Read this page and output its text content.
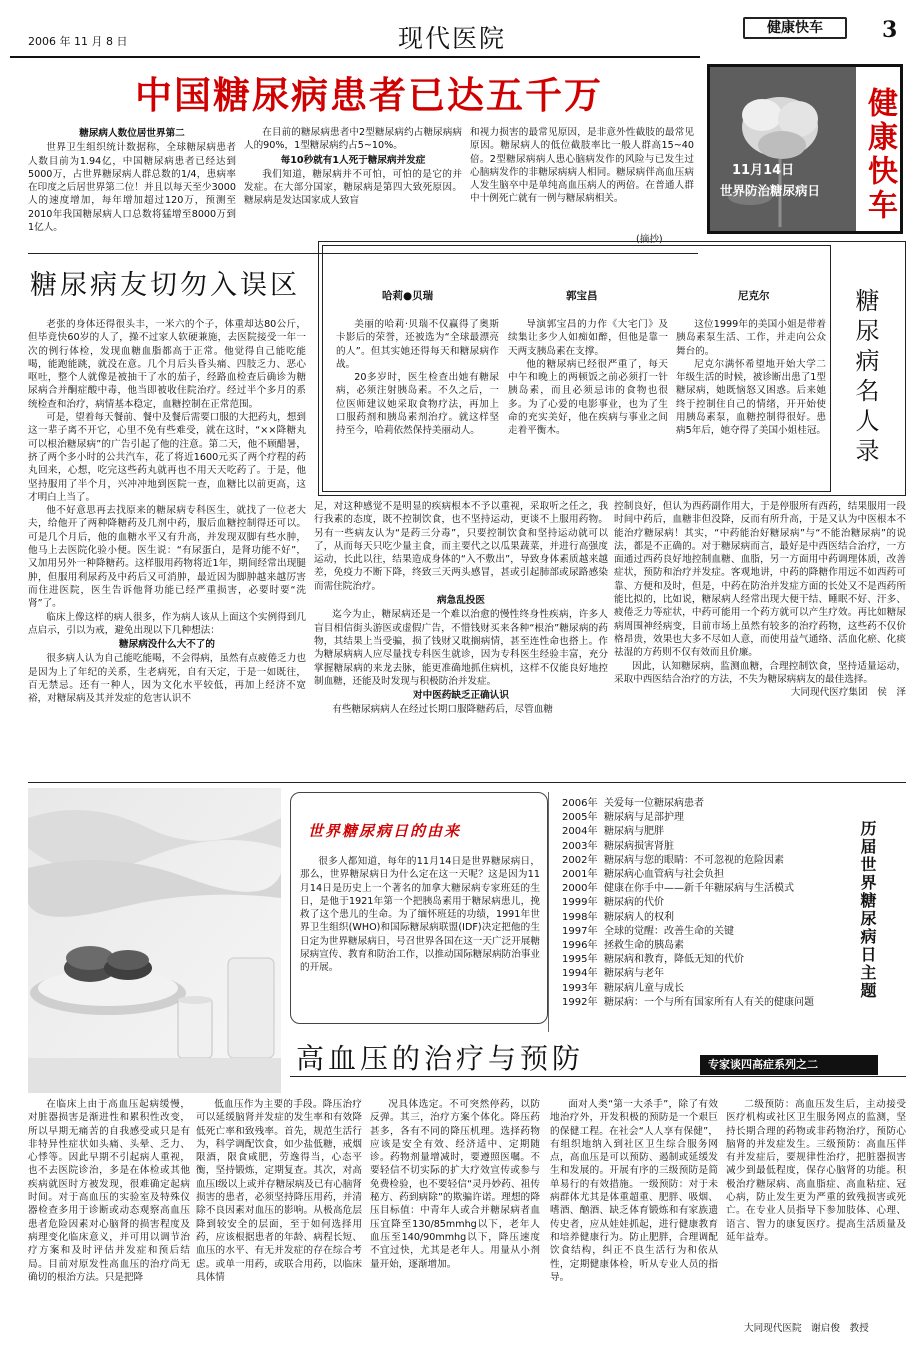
2006 年 11 月 8 日	现代医院	健康快车	3
11月14日
世界防治糖尿病日 健康快车
中国糖尿病患者已达五千万

糖尿病人数位居世界第二

世界卫生组织统计数据称，全球糖尿病患者人数目前为1.94亿，中国糖尿病患者已经达到5000万，占世界糖尿病人群总数的1/4，患病率在印度之后居世界第二位！并且以每天至少3000人的速度增加，每年增加超过120万，预测至2010年我国糖尿病人口总数将猛增至8000万到1亿人。

在目前的糖尿病患者中2型糖尿病约占糖尿病病人的90%，1型糖尿病约占5~10%。

每10秒就有1人死于糖尿病并发症

我们知道，糖尿病并不可怕，可怕的是它的并发症。在大部分国家，糖尿病是第四大致死原因。糖尿病是发达国家成人致盲

和视力损害的最常见原因，是非意外性截肢的最常见原因。糖尿病人的低位截肢率比一般人群高15~40倍。2型糖尿病病人患心脑病发作的风险与已发生过心脑病发作的非糖尿病病人相同。糖尿病伴高血压病人发生脑卒中是单纯高血压病人的两倍。在普通人群中十例死亡就有一例与糖尿病相关。

(摘抄)
糖尿病友切勿入误区

老张的身体还得很头丰，一米六的个子，体重却达80公斤，但毕竟快60岁的人了，操不过家人软硬兼施，去医院接受一年一次的例行体检，发现血糖血脂都高于正常。他觉得自己能吃能喝，能跑能跳，就没在意。几个月后头昏头痛、四肢乏力、恶心呕吐，整个人就像是被抽干了水的茄子，经路血检查后确诊为糖尿病合并酮症酸中毒，他当即被收住院治疗。经过半个多月的系统检查和治疗，病情基本稳定，血糖控制在正常范围。

可是，望着每天餐前、餐中及餐后需要口服的大把药丸，想到这一辈子离不开它，心里不免有些难受，就在这时，“××降糖丸可以根治糖尿病”的广告引起了他的注意。第二天，他不顾醋暑，挤了两个多小时的公共汽车，花了将近1600元买了两个疗程的药丸回来，心想，吃完这些药丸就再也不用天天吃药了。于是，他坚持服用了半个月，兴冲冲地到医院一查，血糖比以前更高，这才明白上当了。

他不好意思再去找原来的糖尿病专科医生，就找了一位老大夫，给他开了两种降糖药及几剂中药，服后血糖控制得还可以。可是几个月后，他的血糖水平又有升高，并发现双脚有些水肿，他马上去医院化验小便。医生说：“有尿蛋白，是肾功能不好”，又加用另外一种降糖药。这样服用药物将近1年，期间经常出现腿肿，但服用利尿药及中药后又可消肿，最近因为脚肿越来越厉害而住进医院，医生告诉他肾功能已经严重损害，必要时要“洗肾”了。

临床上像这样的病人很多，作为病人该从上面这个实例得到几点启示，引以为戒，避免出现以下几种想法：

糖尿病没什么大不了的

很多病人认为自己能吃能喝，不会得病，虽然有点疲倦乏力也是因为上了年纪的关系，生老病死，自有天定，于是一如既往，百无禁忌。还有一种人，因为文化水平较低，再加上经济不宽裕，对糖尿病及其并发症的危害认识不

哈莉●贝瑞	郭宝昌	尼克尔

美丽的哈莉·贝瑞不仅赢得了奥斯卡影后的荣誉，还被选为“全球最漂亮的人”。但其实她还得每天和糖尿病作战。

20多岁时，医生检查出她有糖尿病，必须注射胰岛素。不久之后，一位医师建议她采取食物疗法，再加上口服药剂和胰岛素剂治疗。就这样坚持至今，哈莉依然保持美丽动人。

导演郭宝昌的力作《大宅门》及续集让多少人如痴如醉，但他是靠一天两支胰岛素在支撑。

他的糖尿病已经很严重了，每天中午和晚上的两顿饭之前必须打一针胰岛素，而且必须忌讳的食物也很多。为了心爱的电影事业，也为了生命的充实美好，他在疾病与事业之间走着平衡木。

这位1999年的美国小姐是带着胰岛素泵生活、工作，并走向公众舞台的。

尼克尔满怀希望地开始大学二年级生活的时候，被诊断出患了1型糖尿病，她既恼怒又困惑。后来她终于控制住自己的情绪，开开始使用胰岛素泵，血糖控制得很好。患病5年后，她夺得了美国小姐桂冠。 糖尿病名人录

足，对这种感觉不是明显的疾病根本不予以重视，采取听之任之，我行我素的态度，既不控制饮食，也不坚持运动，更谈不上服用药物。另有一些病友认为“是药三分毒”，只要控制饮食和坚持运动就可以了，从而每天只吃少量主食，而主要代之以瓜果蔬菜，并进行高强度运动，长此以往，结果造成身体的“入不敷出”，导致身体素质越来越差，免疫力不断下降，终致三天两头感冒，甚或引起肺部或尿路感染而需住院治疗。

病急乱投医

迄今为止，糖尿病还是一个难以治愈的慢性终身性疾病，许多人盲目相信街头游医或虚假广告，不惜钱财买来各种“根治”糖尿病的药物，其结果上当受骗，损了钱财又耽搁病情，甚至连性命也搭上。作为糖尿病病人应尽量找专科医生就诊，因为专科医生经验丰富，充分掌握糖尿病的来龙去脉，能更准确地抓住病机，这样不仅能良好地控制血糖，还能及时发现与积极防治并发症。

对中医药缺乏正确认识

有些糖尿病病人在经过长期口服降糖药后，尽管血糖

控制良好，但认为西药副作用大，于是停服所有西药，结果服用一段时间中药后，血糖非但没降，反而有所升高，于是又认为中医根本不能治疗糖尿病！其实，“中药能治好糖尿病”与“不能治糖尿病”的说法，都是不正确的。对于糖尿病而言，最好是中西医结合治疗，一方面通过西药良好地控制血糖、血脂，另一方面用中药调理体质，改善症状，预防和治疗并发症。客观地讲，中药的降糖作用远不如西药可靠、方便和及时，但是，中药在防治并发症方面的长处又不是西药所能比拟的，比如说，糖尿病人经常出现大便干结、睡眠不好、汗多、疲倦乏力等症状，中药可能用一个药方就可以产生疗效。再比如糖尿病周围神经病变，目前市场上虽然有较多的治疗药物，这些药不仅价格昂贵，效果也大多不尽如人意，而使用益气通络、活血化瘀、化痰祛湿的方药则不仅有效而且价廉。

因此，认知糖尿病，监测血糖，合理控制饮食，坚持适量运动，采取中西医结合治疗的方法，不失为糖尿病病友的最佳选择。

大同现代医疗集团　侯　泽

世界糖尿病日的由来

很多人都知道，每年的11月14日是世界糖尿病日，那么，世界糖尿病日为什么定在这一天呢？这是因为11月14日是历史上一个著名的加拿大糖尿病专家班廷的生日，是他于1921年第一个把胰岛素用于糖尿病患儿，挽救了这个患儿的生命。为了缅怀班廷的功绩，1991年世界卫生组织(WHO)和国际糖尿病联盟(IDF)决定把他的生日定为世界糖尿病日，号召世界各国在这一天广泛开展糖尿病宣传、教育和防治工作，以推动国际糖尿病防治事业的开展。

2006年 关爱每一位糖尿病患者
2005年 糖尿病与足部护理
2004年 糖尿病与肥胖
2003年 糖尿病损害肾脏
2002年 糖尿病与您的眼睛：不可忽视的危险因素
2001年 糖尿病心血管病与社会负担
2000年 健康在你手中——新千年糖尿病与生活模式
1999年 糖尿病的代价
1998年 糖尿病人的权利
1997年 全球的觉醒：改善生命的关键
1996年 拯救生命的胰岛素
1995年 糖尿病和教育，降低无知的代价
1994年 糖尿病与老年
1993年 糖尿病儿童与成长
1992年 糖尿病：一个与所有国家所有人有关的健康问题
历届世界糖尿病日主题
高血压的治疗与预防	专家谈四高症系列之二

在临床上由于高血压起病缓慢，对脏器损害是渐进性和累积性改变，所以早期无痛苦的自我感受或只是有非特异性症状如头痛、头晕、乏力、心悸等。因此早期不引起病人重视，也不去医院诊治，多是在体检或其他疾病就医时方被发现，很难确定起病时间。对于高血压的实验室及特殊仪器检查多用于诊断或动态观察高血压患者危险因素对心脑肾的损害程度及病理变化临床意义，并可用以调节治疗方案和及时评估并发症和预后结局。目前对原发性高血压的治疗尚无确切的根治方法。只是把降

低血压作为主要的手段。降压治疗可以延缓脑肾并发症的发生率和有效降低死亡率和致残率。首先，规范生活行为，科学调配饮食，如少盐低糖，戒烟限酒，限食咸肥，劳逸得当，心态平衡，坚持锻炼，定期复查。其次，对高血压Ⅰ级以上或并存糖尿病及已有心脑肾损害的患者，必须坚持降压用药，并清除不良因素对血压的影响。从极高危层降到较安全的层面，至于如何选择用药，应该根据患者的年龄、病程长短、血压的水平、有无并发症的存在综合考虑。或单一用药，或联合用药，以临床具体情

况具体选定。不可突然停药，以防反弹。其三，治疗方案个体化。降压药甚多，各有不同的降压机理。选择药物应该是安全有效、经济适中、定期随诊。药物剂量增减时，要遵照医嘱。不要轻信不切实际的扩大疗效宣传或参与免费检验，也不要轻信“灵丹妙药、祖传秘方、药到病除”的欺骗许诺。理想的降压目标值：中青年人或合并糖尿病者血压宜降至130/85mmhg以下，老年人血压至140/90mmhg以下，降压速度不宜过快，尤其是老年人。用量从小剂量开始，逐渐增加。

面对人类“第一大杀手”，除了有效地治疗外，开发积极的预防是一个艰巨的保健工程。在社会“人人享有保健”，有组织地纳入到社区卫生综合服务网点，高血压是可以预防、遏制或延缓发生和发展的。开展有序的三级预防是简单易行的有效措施。一级预防：对于未病群体尤其是体重超重、肥胖、吸烟、嗜酒、酗酒、缺乏体育锻炼和有家族遗传史者，应从娃娃抓起，进行健康教育和培养健康行为。防止肥胖，合理调配饮食结构，纠正不良生活行为和依从性，定期健康体检，听从专业人员的指导。

二级预防：高血压发生后，主动接受医疗机构或社区卫生服务网点的监测，坚持长期合理的药物或非药物治疗，预防心脑肾的并发症发生。三级预防：高血压伴有并发症后，要规律性治疗，把脏器损害减少到最低程度，保存心脑肾的功能。积极治疗糖尿病、高血脂症、高血粘症、冠心病，防止发生更为严重的致残损害或死亡。在专业人员指导下参加肢体、心理、语言、智力的康复医疗。提高生活质量及延年益寿。

大同现代医院　谢启俊　教授
